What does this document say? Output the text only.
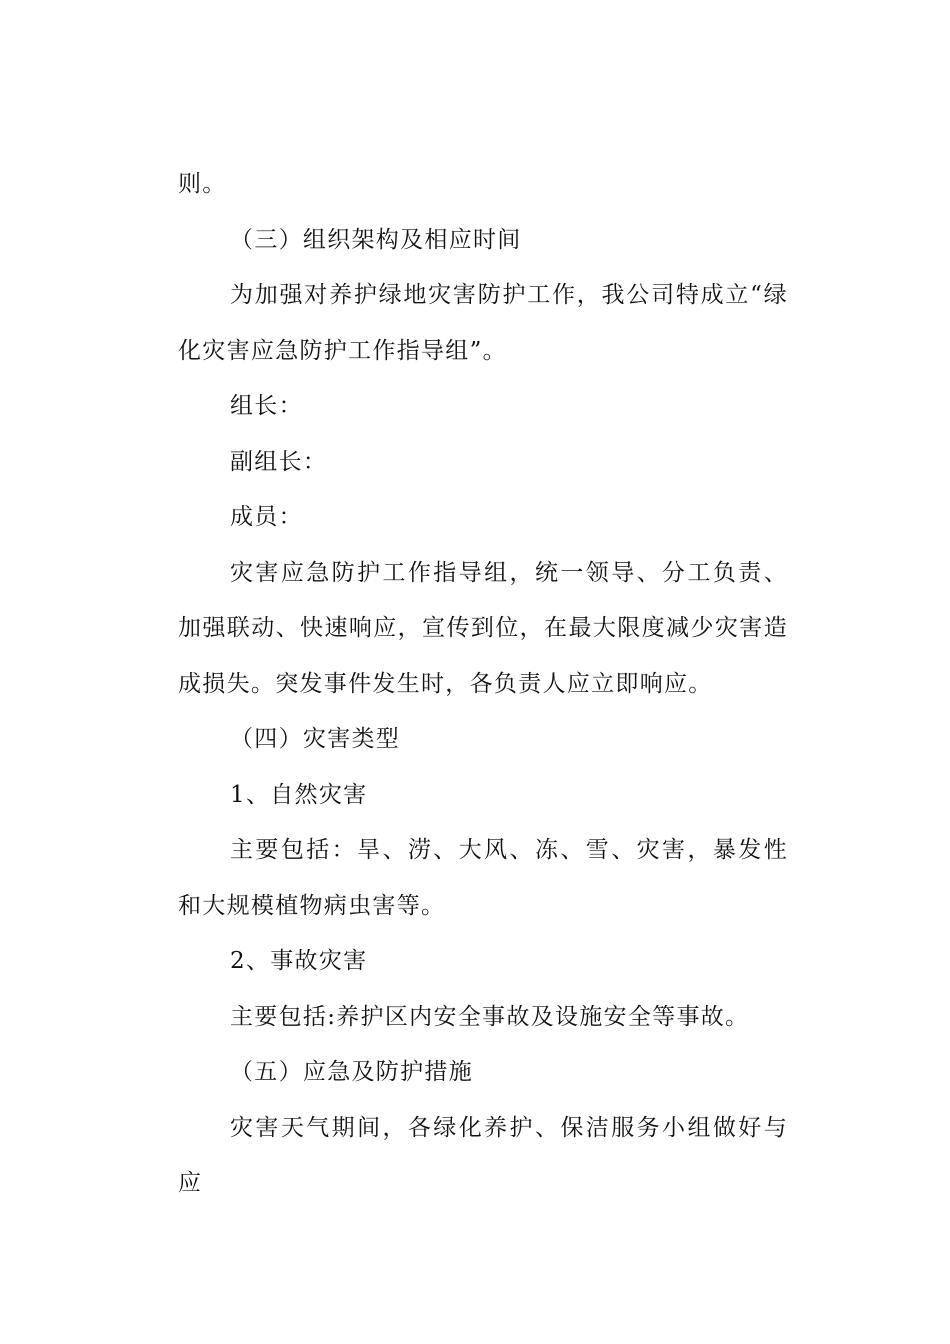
则。

（三）组织架构及相应时间

为加强对养护绿地灾害防护工作，我公司特成立“绿化灾害应急防护工作指导组”。

组长：

副组长：

成员：

灾害应急防护工作指导组，统一领导、分工负责、加强联动、快速响应，宣传到位，在最大限度减少灾害造成损失。突发事件发生时，各负责人应立即响应。

（四）灾害类型

1、自然灾害

主要包括：旱、涝、大风、冻、雪、灾害，暴发性和大规模植物病虫害等。

2、事故灾害

主要包括:养护区内安全事故及设施安全等事故。

（五）应急及防护措施

灾害天气期间，各绿化养护、保洁服务小组做好与应
